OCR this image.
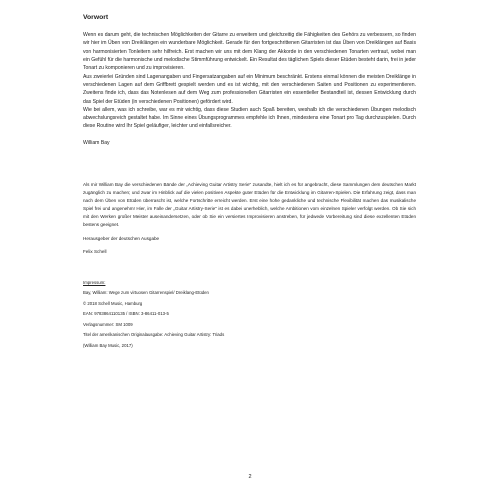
Vorwort

Wenn es darum geht, die technischen Möglichkeiten der Gitarre zu erweitern und gleichzeitig die Fähigkeiten des Gehörs zu verbessern, so finden wir hier im Üben von Dreiklängen ein wunderbare Möglichkeit. Gerade für den fortgeschrittenen Gitarristen ist das Üben von Dreiklängen auf Basis von harmonisierten Tonleitern sehr hilfreich. Erst machen wir uns mit dem Klang der Akkorde in den verschiedenen Tonarten vertraut, wobei man ein Gefühl für die harmonische und melodische Stimmführung entwickelt. Ein Resultat des täglichen Spiels dieser Etüden besteht darin, frei in jeder Tonart zu komponieren und zu improvisieren.

Aus zweierlei Gründen sind Lagenangaben und Fingersatzangaben auf ein Minimum beschränkt. Erstens einmal können die meisten Dreiklänge in verschiedenen Lagen auf dem Griffbrett gespielt werden und es ist wichtig, mit den verschiedenen Saiten und Positionen zu experimentieren. Zweitens finde ich, dass das Notenlesen auf dem Weg zum professionellen Gitarristen ein essentieller Bestandteil ist, dessen Entwicklung durch das Spiel der Etüden (in verschiedenen Positionen) gefördert wird.

Wie bei allem, was ich schreibe, war es mir wichtig, dass diese Studien auch Spaß bereiten, weshalb ich die verschiedenen Übungen melodisch abwechslungsreich gestaltet habe. Im Sinne eines Übungsprogrammes empfehle ich Ihnen, mindestens eine Tonart pro Tag durchzuspielen. Durch diese Routine wird Ihr Spiel geläufiger, leichter und einfallsreicher.

William Bay

Als mir William Bay die verschiedenen Bände der „Achieving Guitar Artistry Serie" zusandte, hielt ich es für angebracht, diese Sammlungen dem deutschen Markt zugänglich zu machen; und zwar im Hinblick auf die vielen positiven Aspekte guter Etüden für die Entwicklung im Gitarren-Spielen. Die Erfahrung zeigt, dass man nach dem Üben von Etüden überrascht ist, welche Fortschritte erreicht werden. Erst eine hohe gedankliche und technische Flexibilität machen das musikalische Spiel frei und angenehm! Hier, im Falle der „Guitar Artistry-Serie" ist es dabei unerheblich, welche Ambitionen vom einzelnen Spieler verfolgt werden. Ob Sie sich mit den Werken großer Meister auseinandersetzen, oder ob Sie ein versiertes Improvisieren anstreben, für jedwede Vorbereitung sind diese exzellenten Etüden bestens geeignet.

Herausgeber der deutschen Ausgabe
Felix Schell
Impressum:
Bay, William: Wege zum virtuosen Gitarrenspiel/ Dreiklang-Etüden
© 2018 Schell Music, Hamburg
EAN: 9783864110135 / ISBN: 3-86411-013-5
Verlagsnummer: SM 1009
Titel der amerikanischen Originalausgabe: Achieving Guitar Artistry: Triads
(William Bay Music, 2017)
2
